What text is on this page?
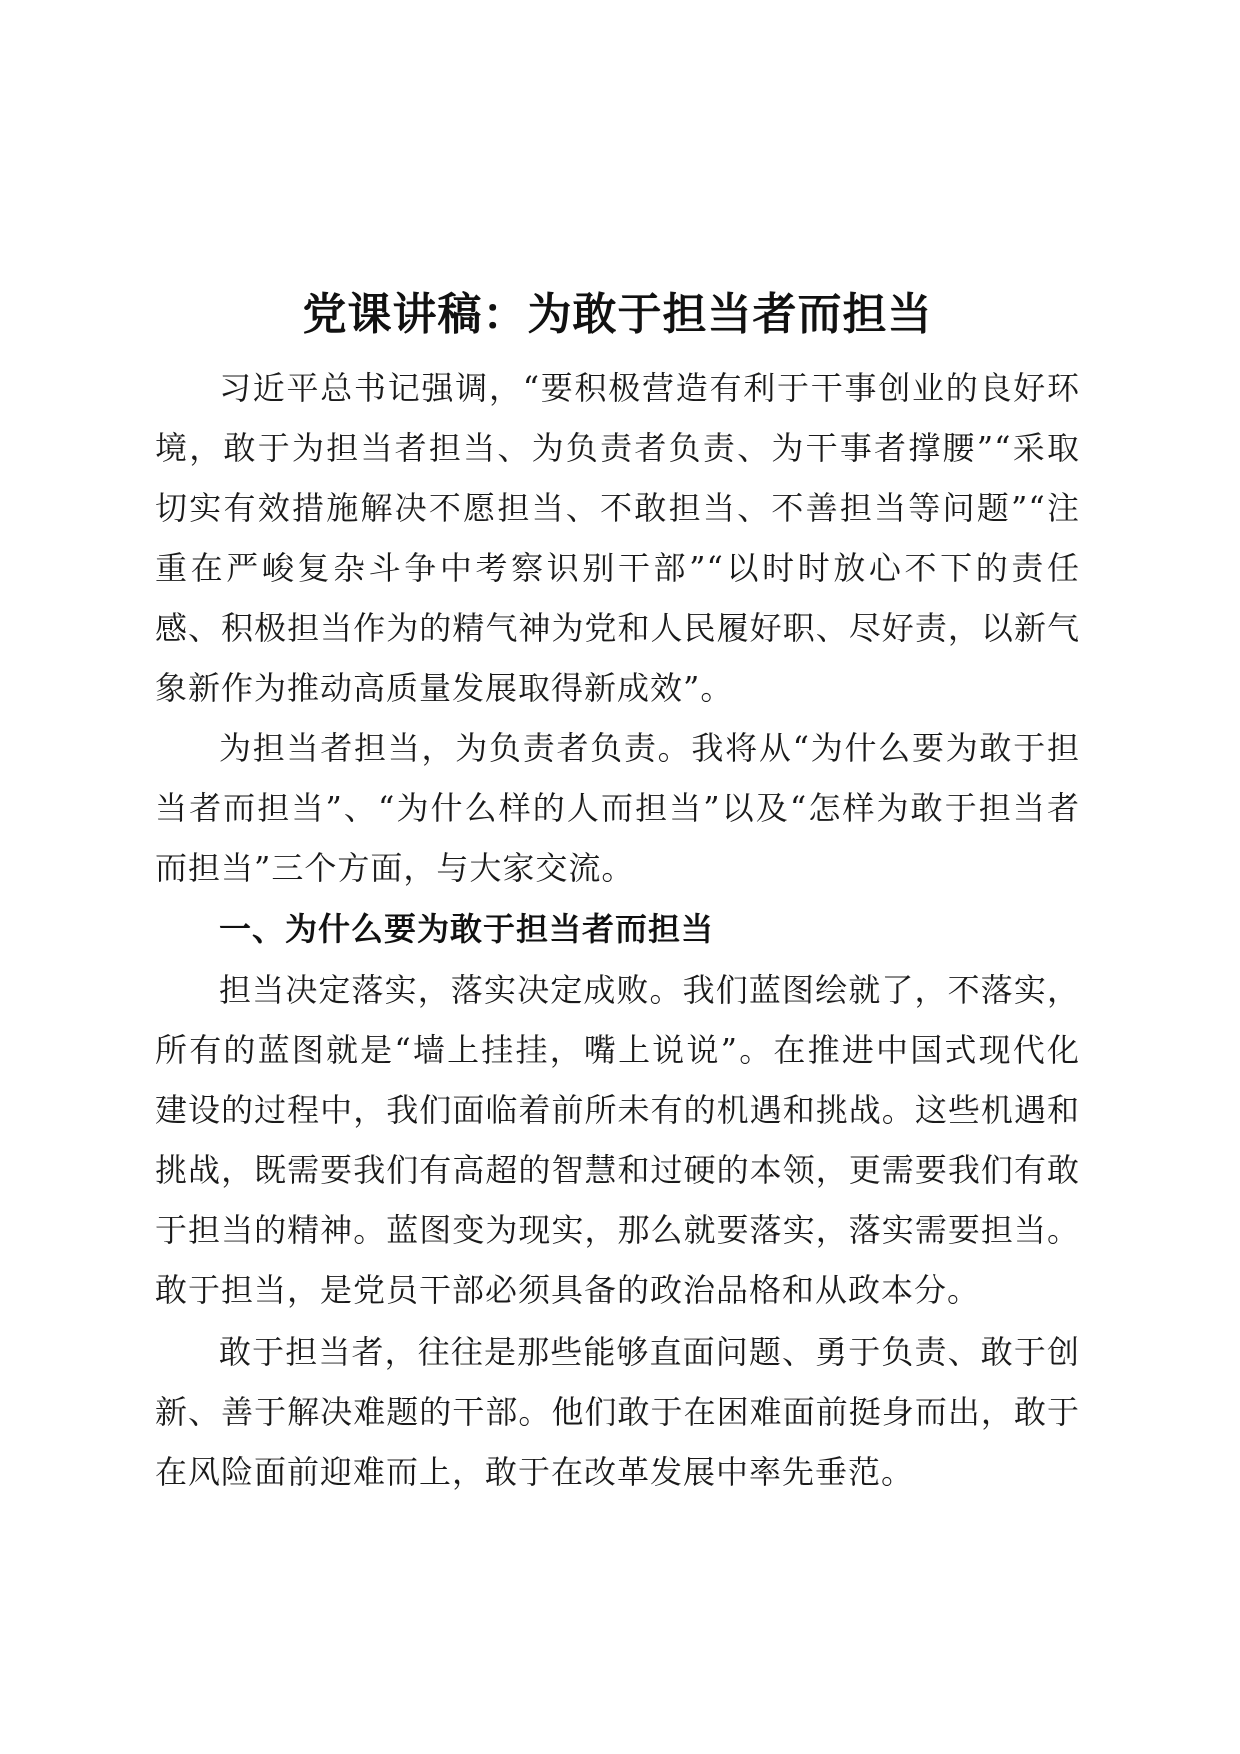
党课讲稿：为敢于担当者而担当

习近平总书记强调，“要积极营造有利于干事创业的良好环境，敢于为担当者担当、为负责者负责、为干事者撑腰”“采取切实有效措施解决不愿担当、不敢担当、不善担当等问题”“注重在严峻复杂斗争中考察识别干部”“以时时放心不下的责任感、积极担当作为的精气神为党和人民履好职、尽好责，以新气象新作为推动高质量发展取得新成效”。

为担当者担当，为负责者负责。我将从“为什么要为敢于担当者而担当”、“为什么样的人而担当”以及“怎样为敢于担当者而担当”三个方面，与大家交流。

一、为什么要为敢于担当者而担当

担当决定落实，落实决定成败。我们蓝图绘就了，不落实，所有的蓝图就是“墙上挂挂，嘴上说说”。在推进中国式现代化建设的过程中，我们面临着前所未有的机遇和挑战。这些机遇和挑战，既需要我们有高超的智慧和过硬的本领，更需要我们有敢于担当的精神。蓝图变为现实，那么就要落实，落实需要担当。敢于担当，是党员干部必须具备的政治品格和从政本分。

敢于担当者，往往是那些能够直面问题、勇于负责、敢于创新、善于解决难题的干部。他们敢于在困难面前挺身而出，敢于在风险面前迎难而上，敢于在改革发展中率先垂范。
